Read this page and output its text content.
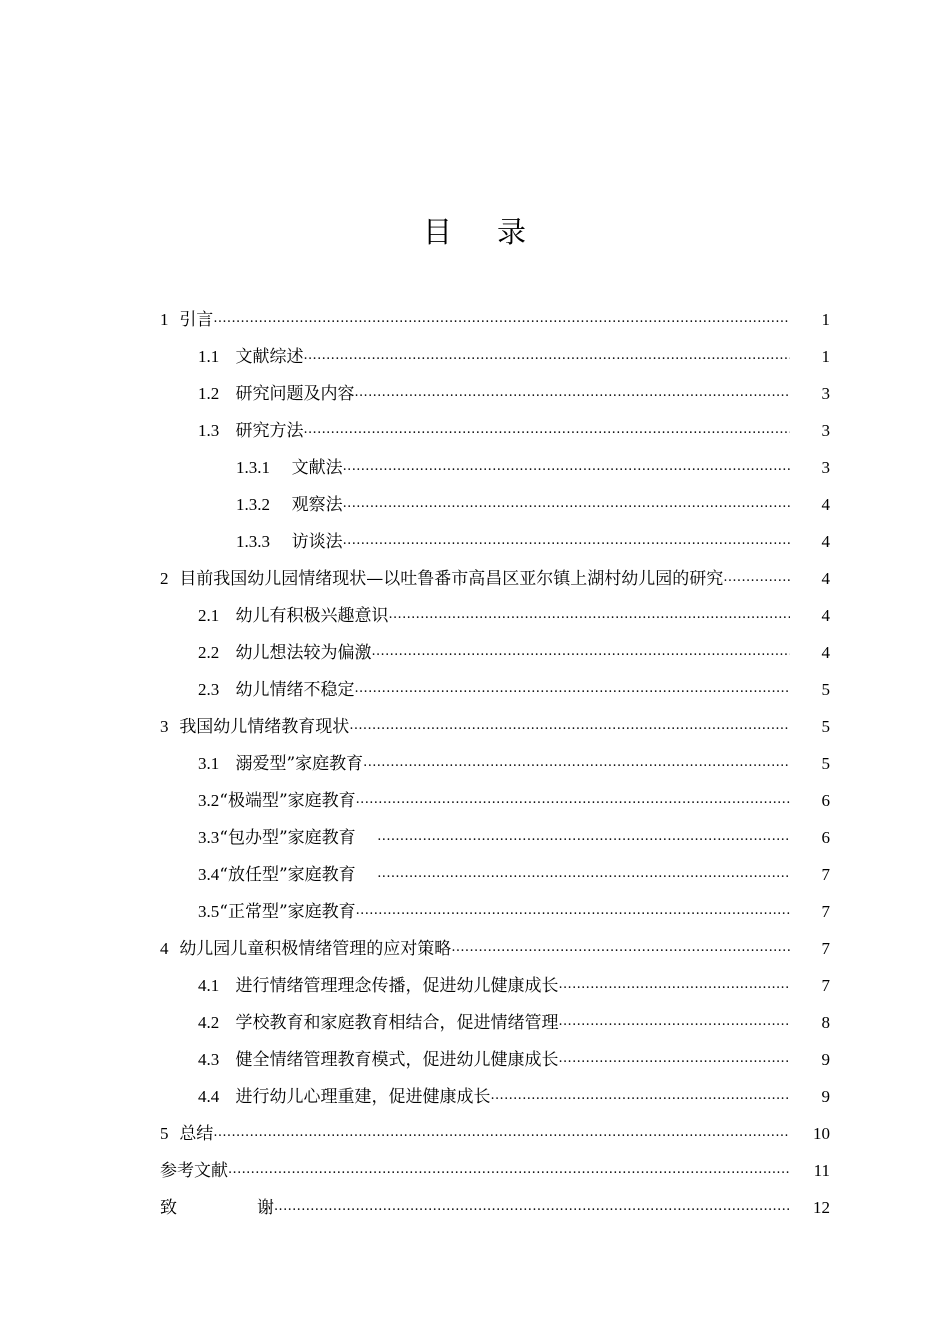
目 录
1 引言 .....	1
1.1 文献综述 .....	1
1.2 研究问题及内容 .....	3
1.3 研究方法 .....	3
1.3.1 文献法 .....	3
1.3.2 观察法 .....	4
1.3.3 访谈法 .....	4
2 目前我国幼儿园情绪现状—以吐鲁番市高昌区亚尔镇上湖村幼儿园的研究 .....	4
2.1 幼儿有积极兴趣意识 .....	4
2.2 幼儿想法较为偏激 .....	4
2.3 幼儿情绪不稳定 .....	5
3 我国幼儿情绪教育现状 .....	5
3.1 溺爱型”家庭教育 .....	5
3.2“极端型”家庭教育 .....	6
3.3“包办型”家庭教育 .....	6
3.4“放任型”家庭教育 .....	7
3.5“正常型”家庭教育 .....	7
4 幼儿园儿童积极情绪管理的应对策略 .....	7
4.1 进行情绪管理理念传播，促进幼儿健康成长 .....	7
4.2 学校教育和家庭教育相结合，促进情绪管理 .....	8
4.3 健全情绪管理教育模式，促进幼儿健康成长 .....	9
4.4 进行幼儿心理重建，促进健康成长 .....	9
5 总结 .....	10
参考文献 .....	11
致	谢 .....	12
